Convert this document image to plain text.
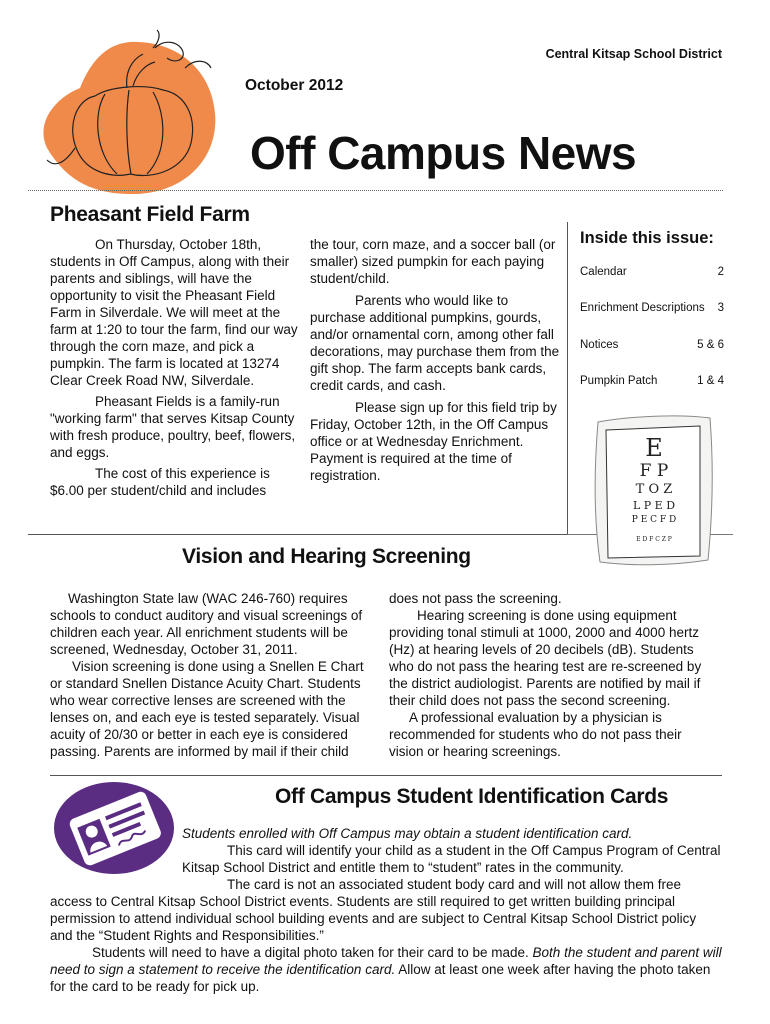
Central Kitsap School District
October 2012
Off Campus News
Pheasant Field Farm

On Thursday, October 18th, students in Off Campus, along with their parents and siblings, will have the opportunity to visit the Pheasant Field Farm in Silverdale. We will meet at the farm at 1:20 to tour the farm, find our way through the corn maze, and pick a pumpkin. The farm is located at 13274 Clear Creek Road NW, Silverdale.

Pheasant Fields is a family-run "working farm" that serves Kitsap County with fresh produce, poultry, beef, flowers, and eggs.

The cost of this experience is $6.00 per student/child and includes

the tour, corn maze, and a soccer ball (or smaller) sized pumpkin for each paying student/child.

Parents who would like to purchase additional pumpkins, gourds, and/or ornamental corn, among other fall decorations, may purchase them from the gift shop. The farm accepts bank cards, credit cards, and cash.

Please sign up for this field trip by Friday, October 12th, in the Off Campus office or at Wednesday Enrichment. Payment is required at the time of registration.

Inside this issue:
Calendar	2
Enrichment Descriptions 3
Notices	5 & 6
Pumpkin Patch	1 & 4
E
F P
T O Z
L P E D
P E C F D
E D F C Z P
Vision and Hearing Screening

Washington State law (WAC 246-760) requires schools to conduct auditory and visual screenings of children each year. All enrichment students will be screened, Wednesday, October 31, 2011.

Vision screening is done using a Snellen E Chart or standard Snellen Distance Acuity Chart. Students who wear corrective lenses are screened with the lenses on, and each eye is tested separately. Visual acuity of 20/30 or better in each eye is considered passing. Parents are informed by mail if their child

does not pass the screening.

Hearing screening is done using equipment providing tonal stimuli at 1000, 2000 and 4000 hertz (Hz) at hearing levels of 20 decibels (dB). Students who do not pass the hearing test are re-screened by the district audiologist. Parents are notified by mail if their child does not pass the second screening.

A professional evaluation by a physician is recommended for students who do not pass their vision or hearing screenings.

Off Campus Student Identification Cards

Students enrolled with Off Campus may obtain a student identification card.

This card will identify your child as a student in the Off Campus Program of Central Kitsap School District and entitle them to “student” rates in the community.

The card is not an associated student body card and will not allow them free access to Central Kitsap School District events. Students are still required to get written building principal permission to attend individual school building events and are subject to Central Kitsap School District policy and the “Student Rights and Responsibilities.”

Students will need to have a digital photo taken for their card to be made. Both the student and parent will need to sign a statement to receive the identification card. Allow at least one week after having the photo taken for the card to be ready for pick up.
